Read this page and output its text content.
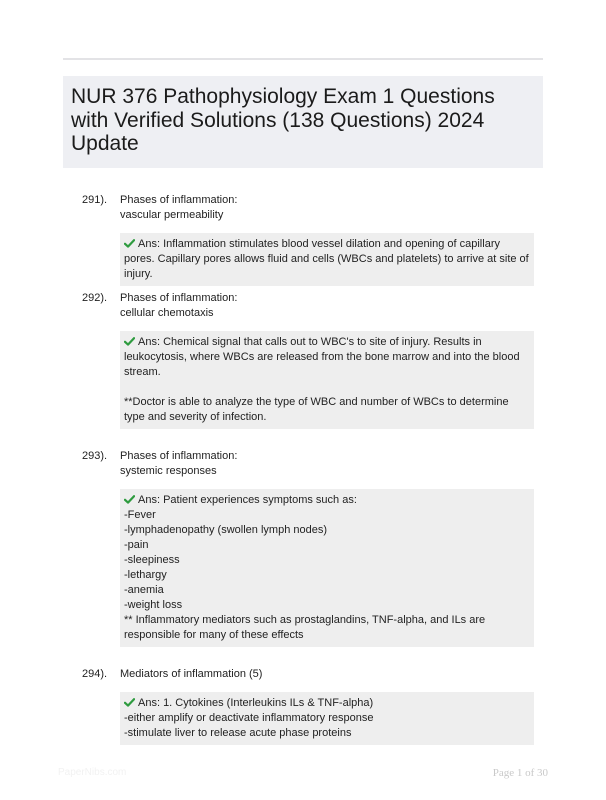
NUR 376 Pathophysiology Exam 1 Questions with Verified Solutions (138 Questions) 2024 Update
291). Phases of inflammation:
vascular permeability
Ans: Inflammation stimulates blood vessel dilation and opening of capillary pores. Capillary pores allows fluid and cells (WBCs and platelets) to arrive at site of injury.
292). Phases of inflammation:
cellular chemotaxis
Ans: Chemical signal that calls out to WBC's to site of injury. Results in leukocytosis, where WBCs are released from the bone marrow and into the blood stream.

**Doctor is able to analyze the type of WBC and number of WBCs to determine type and severity of infection.
293). Phases of inflammation:
systemic responses
Ans: Patient experiences symptoms such as:
-Fever
-lymphadenopathy (swollen lymph nodes)
-pain
-sleepiness
-lethargy
-anemia
-weight loss
** Inflammatory mediators such as prostaglandins, TNF-alpha, and ILs are responsible for many of these effects
294). Mediators of inflammation (5)
Ans: 1. Cytokines (Interleukins ILs & TNF-alpha)
-either amplify or deactivate inflammatory response
-stimulate liver to release acute phase proteins
PaperNibs.com	Page 1 of 30
